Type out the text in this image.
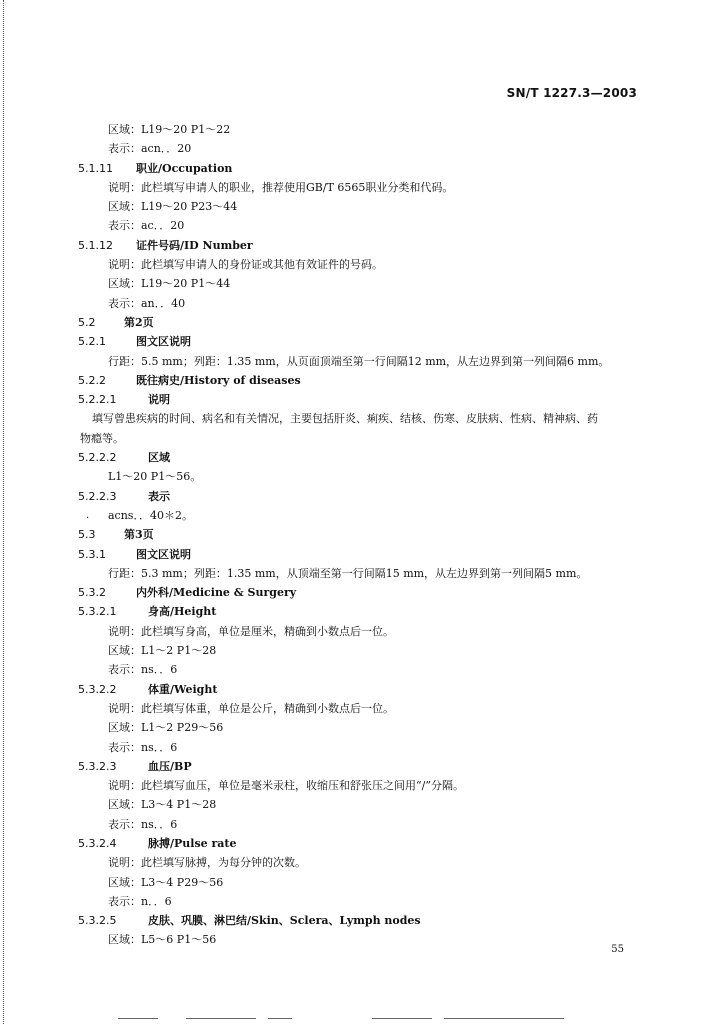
SN/T 1227.3—2003
区域：L19～20 P1～22
表示：acn．．20
5.1.11 职业/Occupation
说明：此栏填写申请人的职业，推荐使用GB/T 6565职业分类和代码。
区域：L19～20 P23～44
表示：ac．．20
5.1.12 证件号码/ID Number
说明：此栏填写申请人的身份证或其他有效证件的号码。
区域：L19～20 P1～44
表示：an．．40
5.2	第2页
5.2.1	图文区说明
行距：5.5 mm；列距：1.35 mm，从页面顶端至第一行间隔12 mm，从左边界到第一列间隔6 mm。
5.2.2	既往病史/History of diseases
5.2.2.1	说明
填写曾患疾病的时间、病名和有关情况，主要包括肝炎、痢疾、结核、伤寒、皮肤病、性病、精神病、药
物瘾等。
5.2.2.2	区域
L1～20 P1～56。
5.2.2.3	表示
. acns．．40＊2。
5.3	第3页
5.3.1	图文区说明
行距：5.3 mm；列距：1.35 mm，从顶端至第一行间隔15 mm，从左边界到第一列间隔5 mm。
5.3.2	内外科/Medicine & Surgery
5.3.2.1	身高/Height
说明：此栏填写身高，单位是厘米，精确到小数点后一位。
区域：L1～2 P1～28
表示：ns．．6
5.3.2.2	体重/Weight
说明：此栏填写体重，单位是公斤，精确到小数点后一位。
区域：L1～2 P29～56
表示：ns．．6
5.3.2.3	血压/BP
说明：此栏填写血压，单位是毫米汞柱，收缩压和舒张压之间用“/”分隔。
区域：L3～4 P1～28
表示：ns．．6
5.3.2.4	脉搏/Pulse rate
说明：此栏填写脉搏，为每分钟的次数。
区域：L3～4 P29～56
表示：n．．6
5.3.2.5	皮肤、巩膜、淋巴结/Skin、Sclera、Lymph nodes
区域：L5～6 P1～56
55
